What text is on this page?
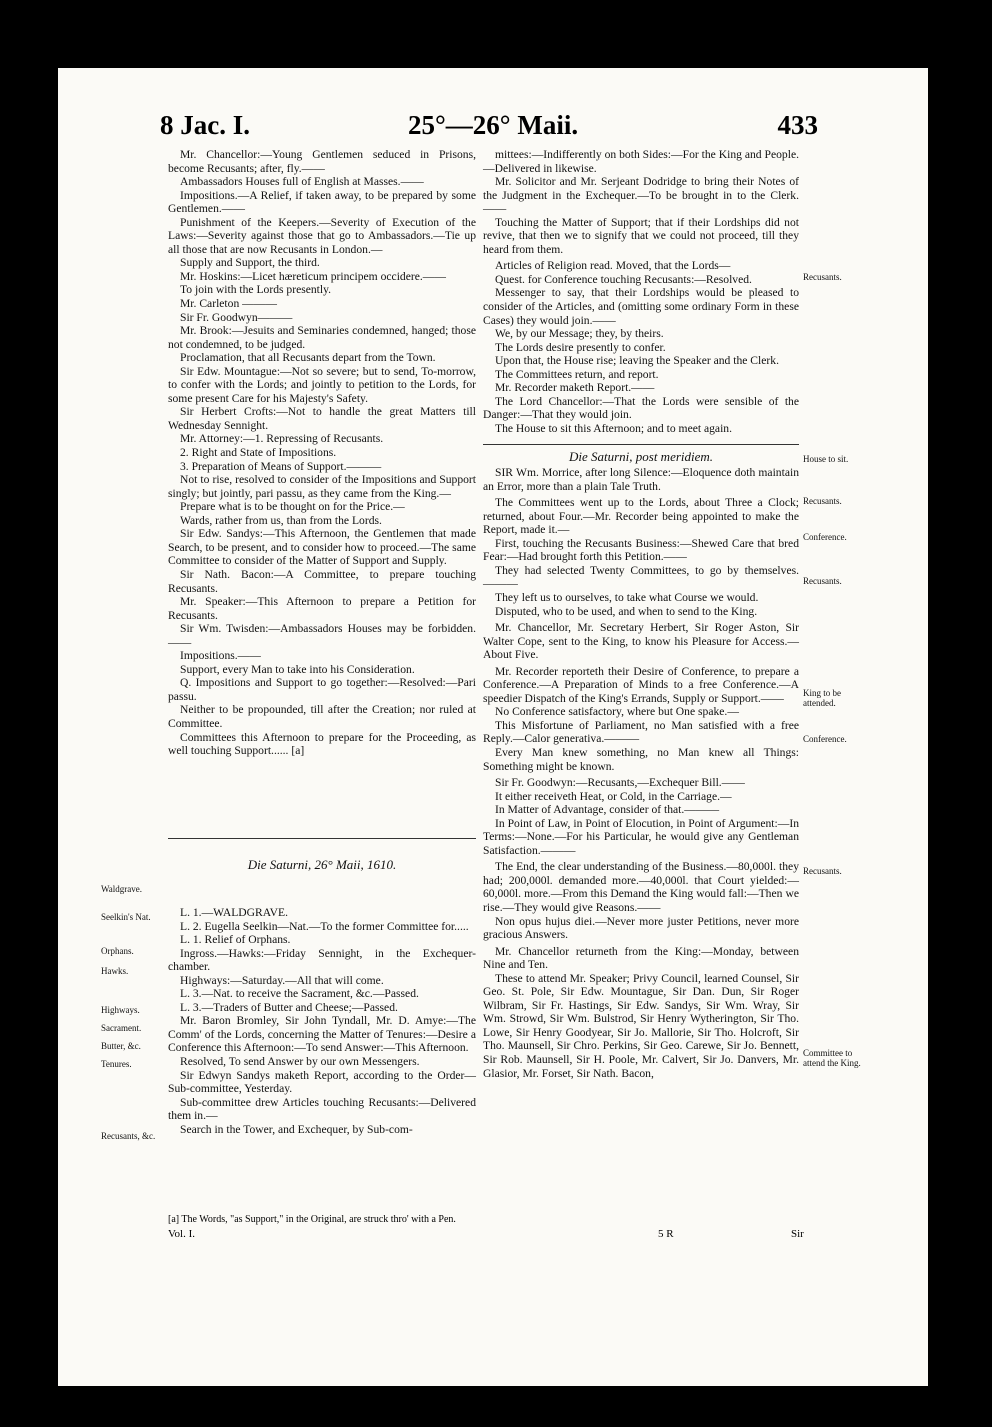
8 Jac. I.	25°—26° Maii.	433

Mr. Chancellor:—Young Gentlemen seduced in Prisons, become Recusants; after, fly.——

Ambassadors Houses full of English at Masses.——

Impositions.—A Relief, if taken away, to be prepared by some Gentlemen.——

Punishment of the Keepers.—Severity of Execution of the Laws:—Severity against those that go to Ambassadors.—Tie up all those that are now Recusants in London.—

Supply and Support, the third.

Mr. Hoskins:—Licet hæreticum principem occidere.——

To join with the Lords presently.

Mr. Carleton ———

Sir Fr. Goodwyn———

Mr. Brook:—Jesuits and Seminaries condemned, hanged; those not condemned, to be judged.

Proclamation, that all Recusants depart from the Town.

Sir Edw. Mountague:—Not so severe; but to send, To-morrow, to confer with the Lords; and jointly to petition to the Lords, for some present Care for his Majesty's Safety.

Sir Herbert Crofts:—Not to handle the great Matters till Wednesday Sennight.

Mr. Attorney:—1. Repressing of Recusants.

2. Right and State of Impositions.

3. Preparation of Means of Support.———

Not to rise, resolved to consider of the Impositions and Support singly; but jointly, pari passu, as they came from the King.—

Prepare what is to be thought on for the Price.—

Wards, rather from us, than from the Lords.

Sir Edw. Sandys:—This Afternoon, the Gentlemen that made Search, to be present, and to consider how to proceed.—The same Committee to consider of the Matter of Support and Supply.

Sir Nath. Bacon:—A Committee, to prepare touching Recusants.

Mr. Speaker:—This Afternoon to prepare a Petition for Recusants.

Sir Wm. Twisden:—Ambassadors Houses may be forbidden.——

Impositions.——

Support, every Man to take into his Consideration.

Q. Impositions and Support to go together:—Resolved:—Pari passu.

Neither to be propounded, till after the Creation; nor ruled at Committee.

Committees this Afternoon to prepare for the Proceeding, as well touching Support...... [a]

Die Saturni, 26° Maii, 1610.

L. 1.—WALDGRAVE.

L. 2. Eugella Seelkin—Nat.—To the former Committee for.....

L. 1. Relief of Orphans.

Ingross.—Hawks:—Friday Sennight, in the Exchequer-chamber.

Highways:—Saturday.—All that will come.

L. 3.—Nat. to receive the Sacrament, &c.—Passed.

L. 3.—Traders of Butter and Cheese;—Passed.

Mr. Baron Bromley, Sir John Tyndall, Mr. D. Amye:—The Comm' of the Lords, concerning the Matter of Tenures:—Desire a Conference this Afternoon:—To send Answer:—This Afternoon.

Resolved, To send Answer by our own Messengers.

Sir Edwyn Sandys maketh Report, according to the Order—Sub-committee, Yesterday.

Sub-committee drew Articles touching Recusants:—Delivered them in.—

Search in the Tower, and Exchequer, by Sub-com-

Waldgrave.
Seelkin's Nat.
Orphans.
Hawks.
Highways.
Sacrament.
Butter, &c.
Tenures.
Recusants, &c.

mittees:—Indifferently on both Sides:—For the King and People.—Delivered in likewise.

Mr. Solicitor and Mr. Serjeant Dodridge to bring their Notes of the Judgment in the Exchequer.—To be brought in to the Clerk.——

Touching the Matter of Support; that if their Lordships did not revive, that then we to signify that we could not proceed, till they heard from them.

Articles of Religion read. Moved, that the Lords—

Quest. for Conference touching Recusants:—Resolved.

Messenger to say, that their Lordships would be pleased to consider of the Articles, and (omitting some ordinary Form in these Cases) they would join.——

We, by our Message; they, by theirs.

The Lords desire presently to confer.

Upon that, the House rise; leaving the Speaker and the Clerk.

The Committees return, and report.

Mr. Recorder maketh Report.——

The Lord Chancellor:—That the Lords were sensible of the Danger:—That they would join.

The House to sit this Afternoon; and to meet again.

Die Saturni, post meridiem.

SIR Wm. Morrice, after long Silence:—Eloquence doth maintain an Error, more than a plain Tale Truth.

The Committees went up to the Lords, about Three a Clock; returned, about Four.—Mr. Recorder being appointed to make the Report, made it.—

First, touching the Recusants Business:—Shewed Care that bred Fear:—Had brought forth this Petition.——

They had selected Twenty Committees, to go by themselves.———

They left us to ourselves, to take what Course we would.

Disputed, who to be used, and when to send to the King.

Mr. Chancellor, Mr. Secretary Herbert, Sir Roger Aston, Sir Walter Cope, sent to the King, to know his Pleasure for Access.—About Five.

Mr. Recorder reporteth their Desire of Conference, to prepare a Conference.—A Preparation of Minds to a free Conference.—A speedier Dispatch of the King's Errands, Supply or Support.——

No Conference satisfactory, where but One spake.—

This Misfortune of Parliament, no Man satisfied with a free Reply.—Calor generativa.———

Every Man knew something, no Man knew all Things: Something might be known.

Sir Fr. Goodwyn:—Recusants,—Exchequer Bill.——

It either receiveth Heat, or Cold, in the Carriage.—

In Matter of Advantage, consider of that.———

In Point of Law, in Point of Elocution, in Point of Argument:—In Terms:—None.—For his Particular, he would give any Gentleman Satisfaction.———

The End, the clear understanding of the Business.—80,000l. they had; 200,000l. demanded more.—40,000l. that Court yielded:—60,000l. more.—From this Demand the King would fall:—Then we rise.—They would give Reasons.——

Non opus hujus diei.—Never more juster Petitions, never more gracious Answers.

Mr. Chancellor returneth from the King:—Monday, between Nine and Ten.

These to attend Mr. Speaker; Privy Council, learned Counsel, Sir Geo. St. Pole, Sir Edw. Mountague, Sir Dan. Dun, Sir Roger Wilbram, Sir Fr. Hastings, Sir Edw. Sandys, Sir Wm. Wray, Sir Wm. Strowd, Sir Wm. Bulstrod, Sir Henry Wytherington, Sir Tho. Lowe, Sir Henry Goodyear, Sir Jo. Mallorie, Sir Tho. Holcroft, Sir Tho. Maunsell, Sir Chro. Perkins, Sir Geo. Carewe, Sir Jo. Bennett, Sir Rob. Maunsell, Sir H. Poole, Mr. Calvert, Sir Jo. Danvers, Mr. Glasior, Mr. Forset, Sir Nath. Bacon,

Recusants.
House to sit.
Recusants.
Conference.
Recusants.
King to be attended.
Conference.
Recusants.
Committee to attend the King.
[a] The Words, "as Support," in the Original, are struck thro' with a Pen.
Vol. I.	5 R	Sir
